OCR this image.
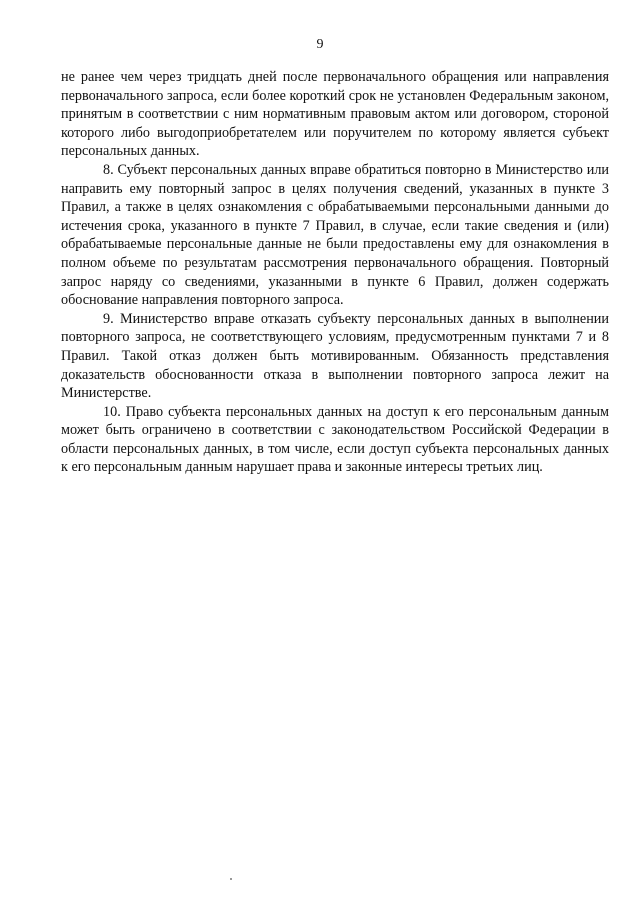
9

не ранее чем через тридцать дней после первоначального обращения или направления первоначального запроса, если более короткий срок не установлен Федеральным законом, принятым в соответствии с ним нормативным правовым актом или договором, стороной которого либо выгодоприобретателем или поручителем по которому является субъект персональных данных.

8. Субъект персональных данных вправе обратиться повторно в Министерство или направить ему повторный запрос в целях получения сведений, указанных в пункте 3 Правил, а также в целях ознакомления с обрабатываемыми персональными данными до истечения срока, указанного в пункте 7 Правил, в случае, если такие сведения и (или) обрабатываемые персональные данные не были предоставлены ему для ознакомления в полном объеме по результатам рассмотрения первоначального обращения. Повторный запрос наряду со сведениями, указанными в пункте 6 Правил, должен содержать обоснование направления повторного запроса.

9. Министерство вправе отказать субъекту персональных данных в выполнении повторного запроса, не соответствующего условиям, предусмотренным пунктами 7 и 8 Правил. Такой отказ должен быть мотивированным. Обязанность представления доказательств обоснованности отказа в выполнении повторного запроса лежит на Министерстве.

10. Право субъекта персональных данных на доступ к его персональным данным может быть ограничено в соответствии с законодательством Российской Федерации в области персональных данных, в том числе, если доступ субъекта персональных данных к его персональным данным нарушает права и законные интересы третьих лиц.
